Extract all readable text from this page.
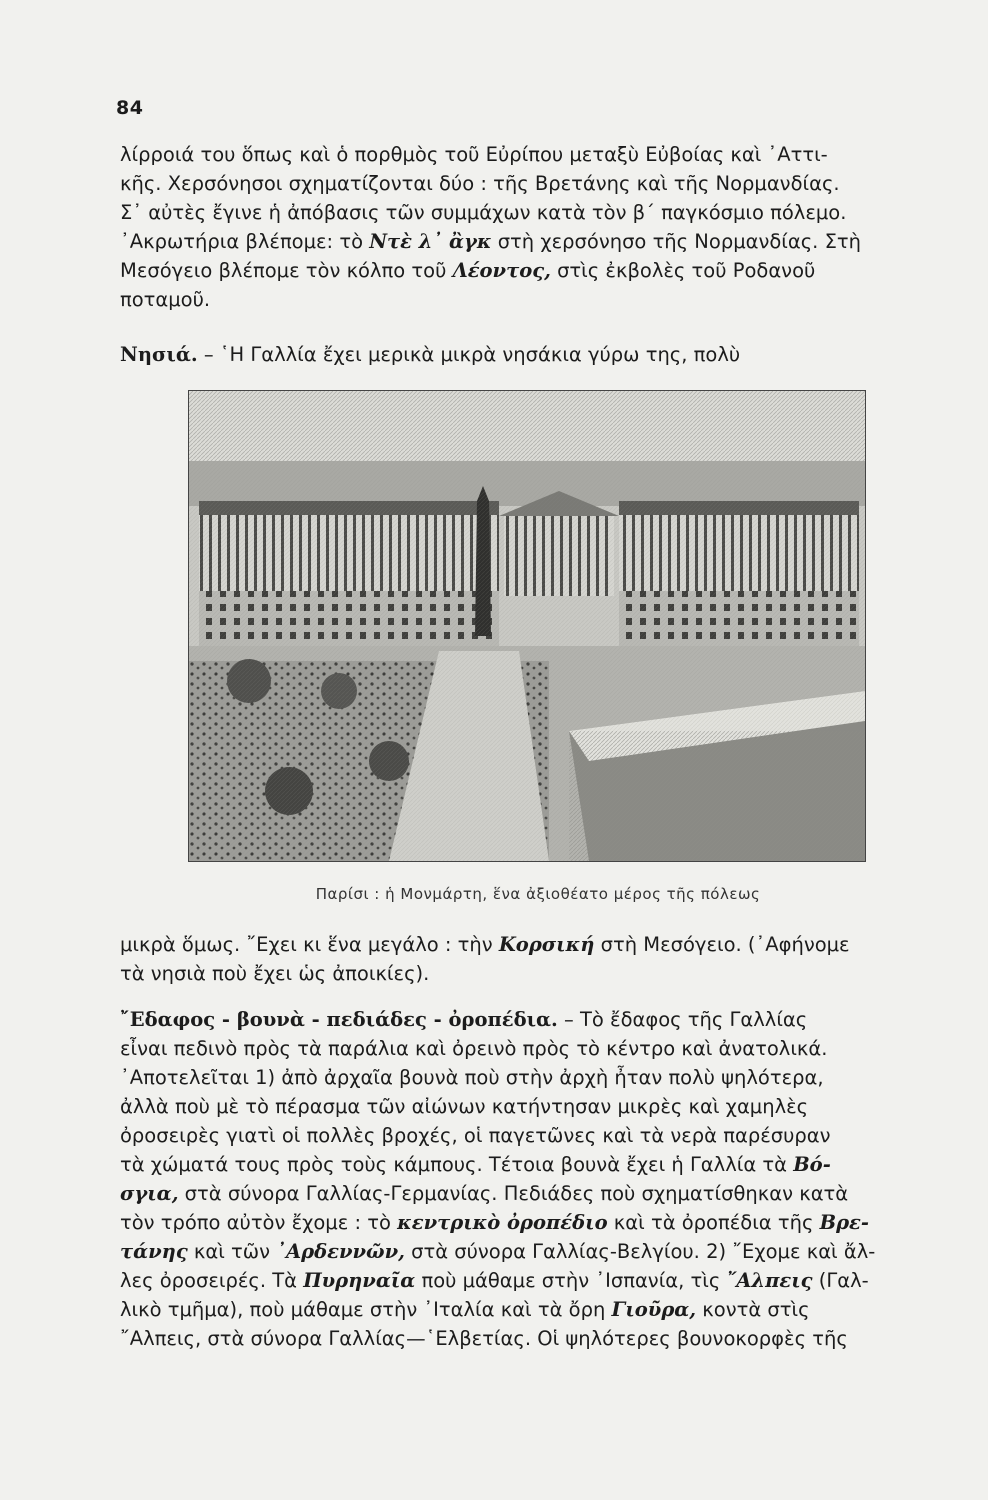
84
λίρροιά του ὅπως καὶ ὁ πορθμὸς τοῦ Εὐρίπου μεταξὺ Εὐβοίας καὶ ᾿Αττι-
κῆς. Χερσόνησοι σχηματίζονται δύο : τῆς Βρετάνης καὶ τῆς Νορμανδίας.
Σ᾿ αὐτὲς ἔγινε ἡ ἀπόβασις τῶν συμμάχων κατὰ τὸν β΄ παγκόσμιο πόλεμο.
᾿Ακρωτήρια βλέπομε: τὸ Ντὲ λ᾿ ἂγκ στὴ χερσόνησο τῆς Νορμανδίας. Στὴ
Μεσόγειο βλέπομε τὸν κόλπο τοῦ Λέοντος, στὶς ἐκβολὲς τοῦ Ροδανοῦ
ποταμοῦ.
Νησιά. – ῾Η Γαλλία ἔχει μερικὰ μικρὰ νησάκια γύρω της, πολὺ
Παρίσι : ἡ Μονμάρτη, ἕνα ἀξιοθέατο μέρος τῆς πόλεως
μικρὰ ὅμως. ῎Εχει κι ἕνα μεγάλο : τὴν Κορσική στὴ Μεσόγειο. (᾿Αφήνομε
τὰ νησιὰ ποὺ ἔχει ὡς ἀποικίες).
῎Εδαφος - βουνὰ - πεδιάδες - ὀροπέδια. – Τὸ ἔδαφος τῆς Γαλλίας
εἶναι πεδινὸ πρὸς τὰ παράλια καὶ ὀρεινὸ πρὸς τὸ κέντρο καὶ ἀνατολικά.
᾿Αποτελεῖται 1) ἀπὸ ἀρχαῖα βουνὰ ποὺ στὴν ἀρχὴ ἦταν πολὺ ψηλότερα,
ἀλλὰ ποὺ μὲ τὸ πέρασμα τῶν αἰώνων κατήντησαν μικρὲς καὶ χαμηλὲς
ὀροσειρὲς γιατὶ οἱ πολλὲς βροχές, οἱ παγετῶνες καὶ τὰ νερὰ παρέσυραν
τὰ χώματά τους πρὸς τοὺς κάμπους. Τέτοια βουνὰ ἔχει ἡ Γαλλία τὰ Βό-
σγια, στὰ σύνορα Γαλλίας-Γερμανίας. Πεδιάδες ποὺ σχηματίσθηκαν κατὰ
τὸν τρόπο αὐτὸν ἔχομε : τὸ κεντρικὸ ὀροπέδιο καὶ τὰ ὀροπέδια τῆς Βρε-
τάνης καὶ τῶν ᾿Αρδεννῶν, στὰ σύνορα Γαλλίας-Βελγίου. 2) ῎Εχομε καὶ ἄλ-
λες ὀροσειρές. Τὰ Πυρηναῖα ποὺ μάθαμε στὴν ᾿Ισπανία, τὶς ῎Αλπεις (Γαλ-
λικὸ τμῆμα), ποὺ μάθαμε στὴν ᾿Ιταλία καὶ τὰ ὄρη Γιοῦρα, κοντὰ στὶς
῎Αλπεις, στὰ σύνορα Γαλλίας—῾Ελβετίας. Οἱ ψηλότερες βουνοκορφὲς τῆς
